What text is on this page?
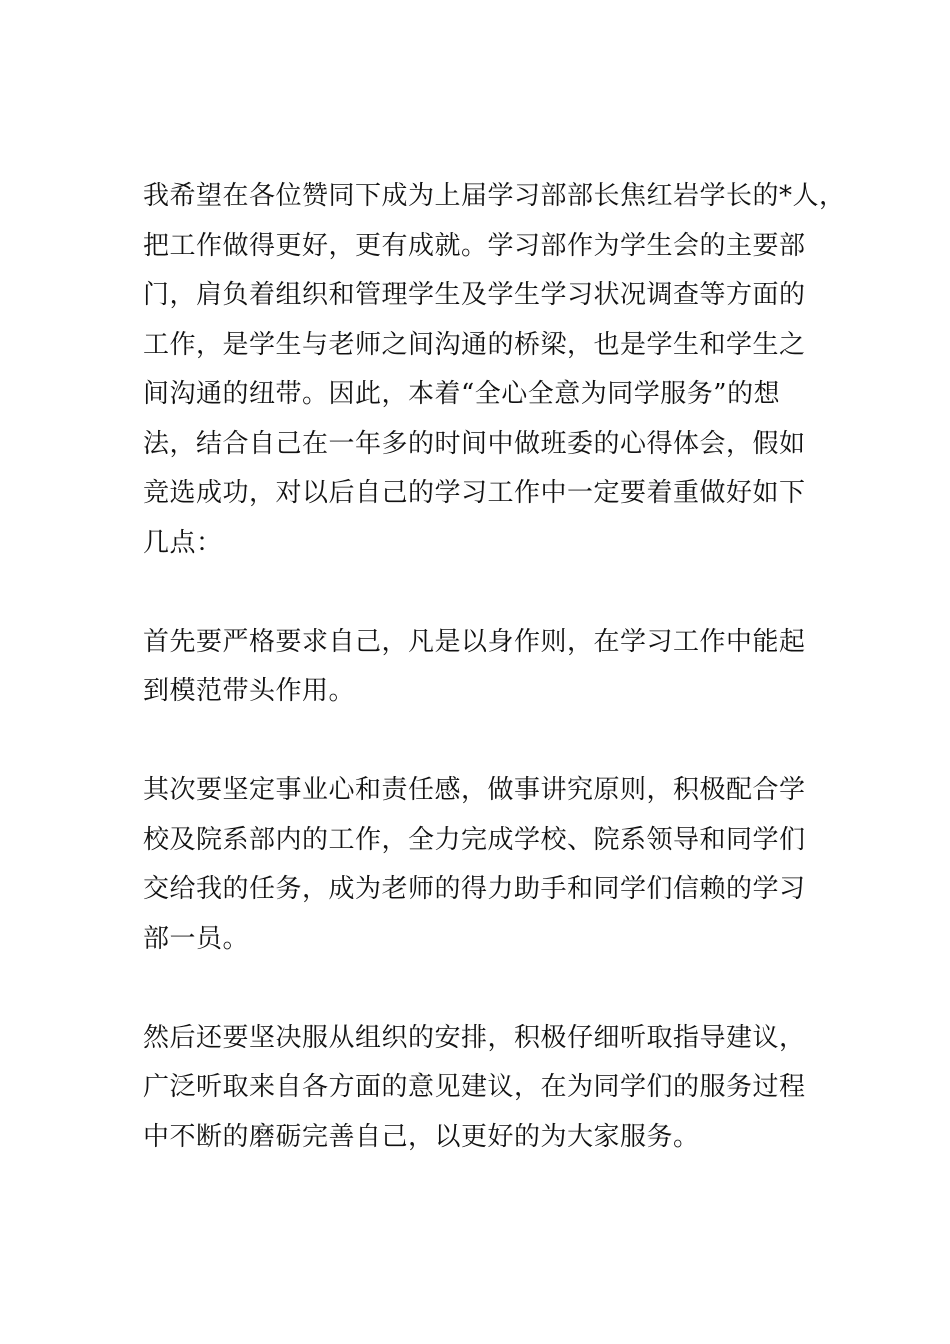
我希望在各位赞同下成为上届学习部部长焦红岩学长的*人，
把工作做得更好，更有成就。学习部作为学生会的主要部
门，肩负着组织和管理学生及学生学习状况调查等方面的
工作，是学生与老师之间沟通的桥梁，也是学生和学生之
间沟通的纽带。因此，本着“全心全意为同学服务”的想
法，结合自己在一年多的时间中做班委的心得体会，假如
竞选成功，对以后自己的学习工作中一定要着重做好如下
几点：

首先要严格要求自己，凡是以身作则，在学习工作中能起
到模范带头作用。

其次要坚定事业心和责任感，做事讲究原则，积极配合学
校及院系部内的工作，全力完成学校、院系领导和同学们
交给我的任务，成为老师的得力助手和同学们信赖的学习
部一员。

然后还要坚决服从组织的安排，积极仔细听取指导建议，
广泛听取来自各方面的意见建议，在为同学们的服务过程
中不断的磨砺完善自己，以更好的为大家服务。
